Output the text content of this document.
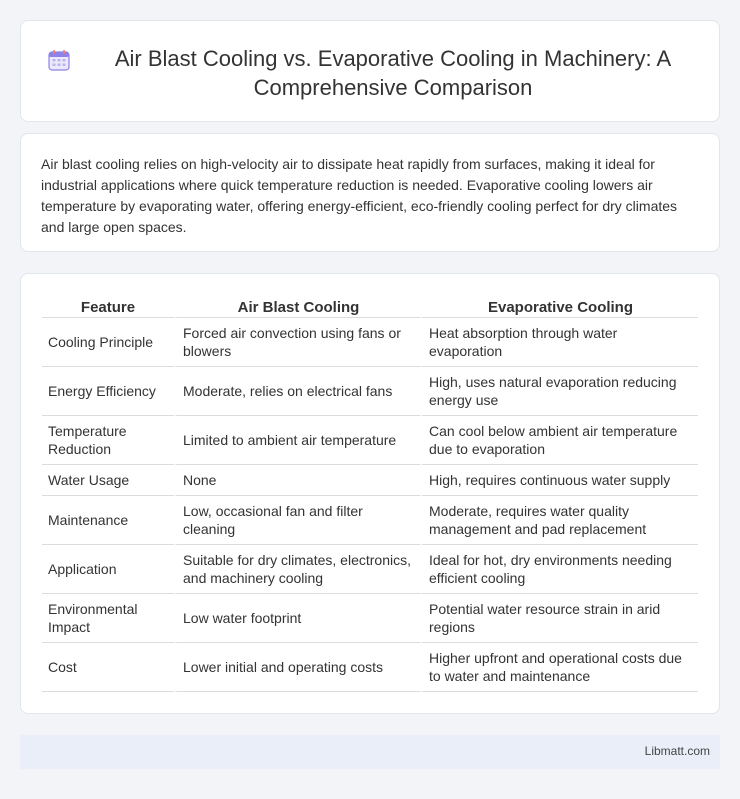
Air Blast Cooling vs. Evaporative Cooling in Machinery: A Comprehensive Comparison

Air blast cooling relies on high-velocity air to dissipate heat rapidly from surfaces, making it ideal for industrial applications where quick temperature reduction is needed. Evaporative cooling lowers air temperature by evaporating water, offering energy-efficient, eco-friendly cooling perfect for dry climates and large open spaces.

Feature	Air Blast Cooling	Evaporative Cooling
Cooling Principle	Forced air convection using fans or blowers	Heat absorption through water evaporation
Energy Efficiency	Moderate, relies on electrical fans	High, uses natural evaporation reducing energy use
Temperature Reduction	Limited to ambient air temperature	Can cool below ambient air temperature due to evaporation
Water Usage	None	High, requires continuous water supply
Maintenance	Low, occasional fan and filter cleaning	Moderate, requires water quality management and pad replacement
Application	Suitable for dry climates, electronics, and machinery cooling	Ideal for hot, dry environments needing efficient cooling
Environmental Impact	Low water footprint	Potential water resource strain in arid regions
Cost	Lower initial and operating costs	Higher upfront and operational costs due to water and maintenance
Libmatt.com
